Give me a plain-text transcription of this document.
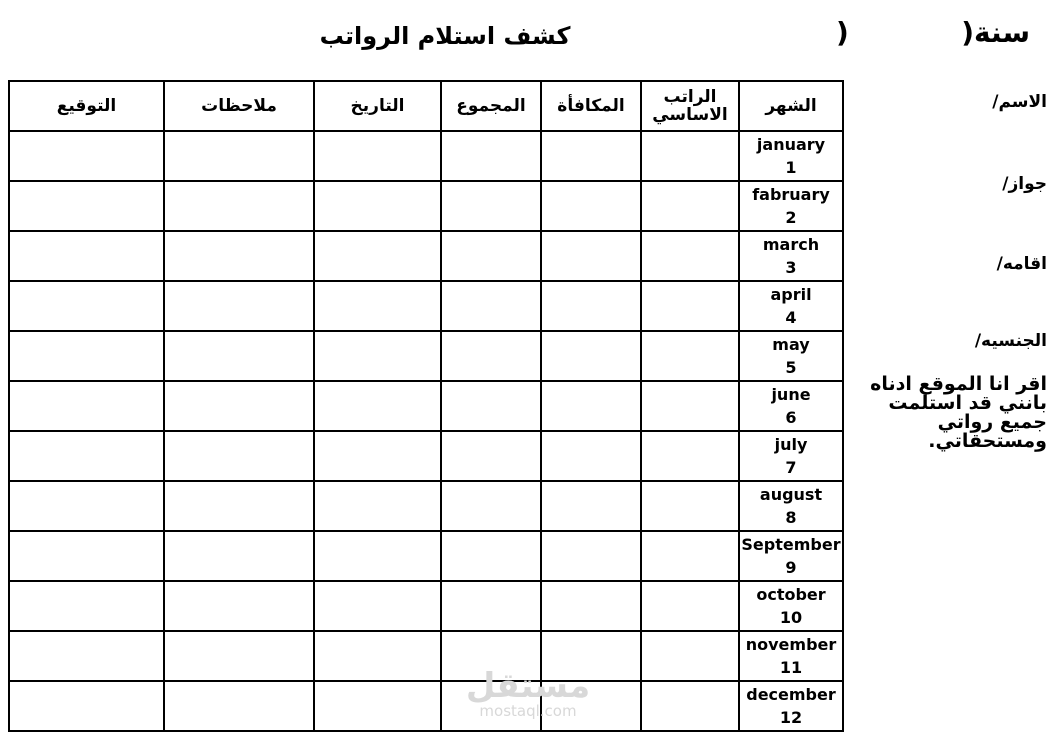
كشف استلام الرواتب	سنة(
)
الاسم/
جواز/
اقامه/
الجنسيه/
اقر انا الموقع ادناه بانني قد استلمت جميع رواتي ومستحقاتي.
التوقيع	ملاحظات	التاريخ	المجموع	المكافأة	الراتب الاساسي	الشهر

						january
1

						fabruary
2

						march
3

						april
4

						may
5

						june
6

						july
7

						august
8

						September
9

						october
10

						november
11

						december
12
مستقل
mostaql.com
